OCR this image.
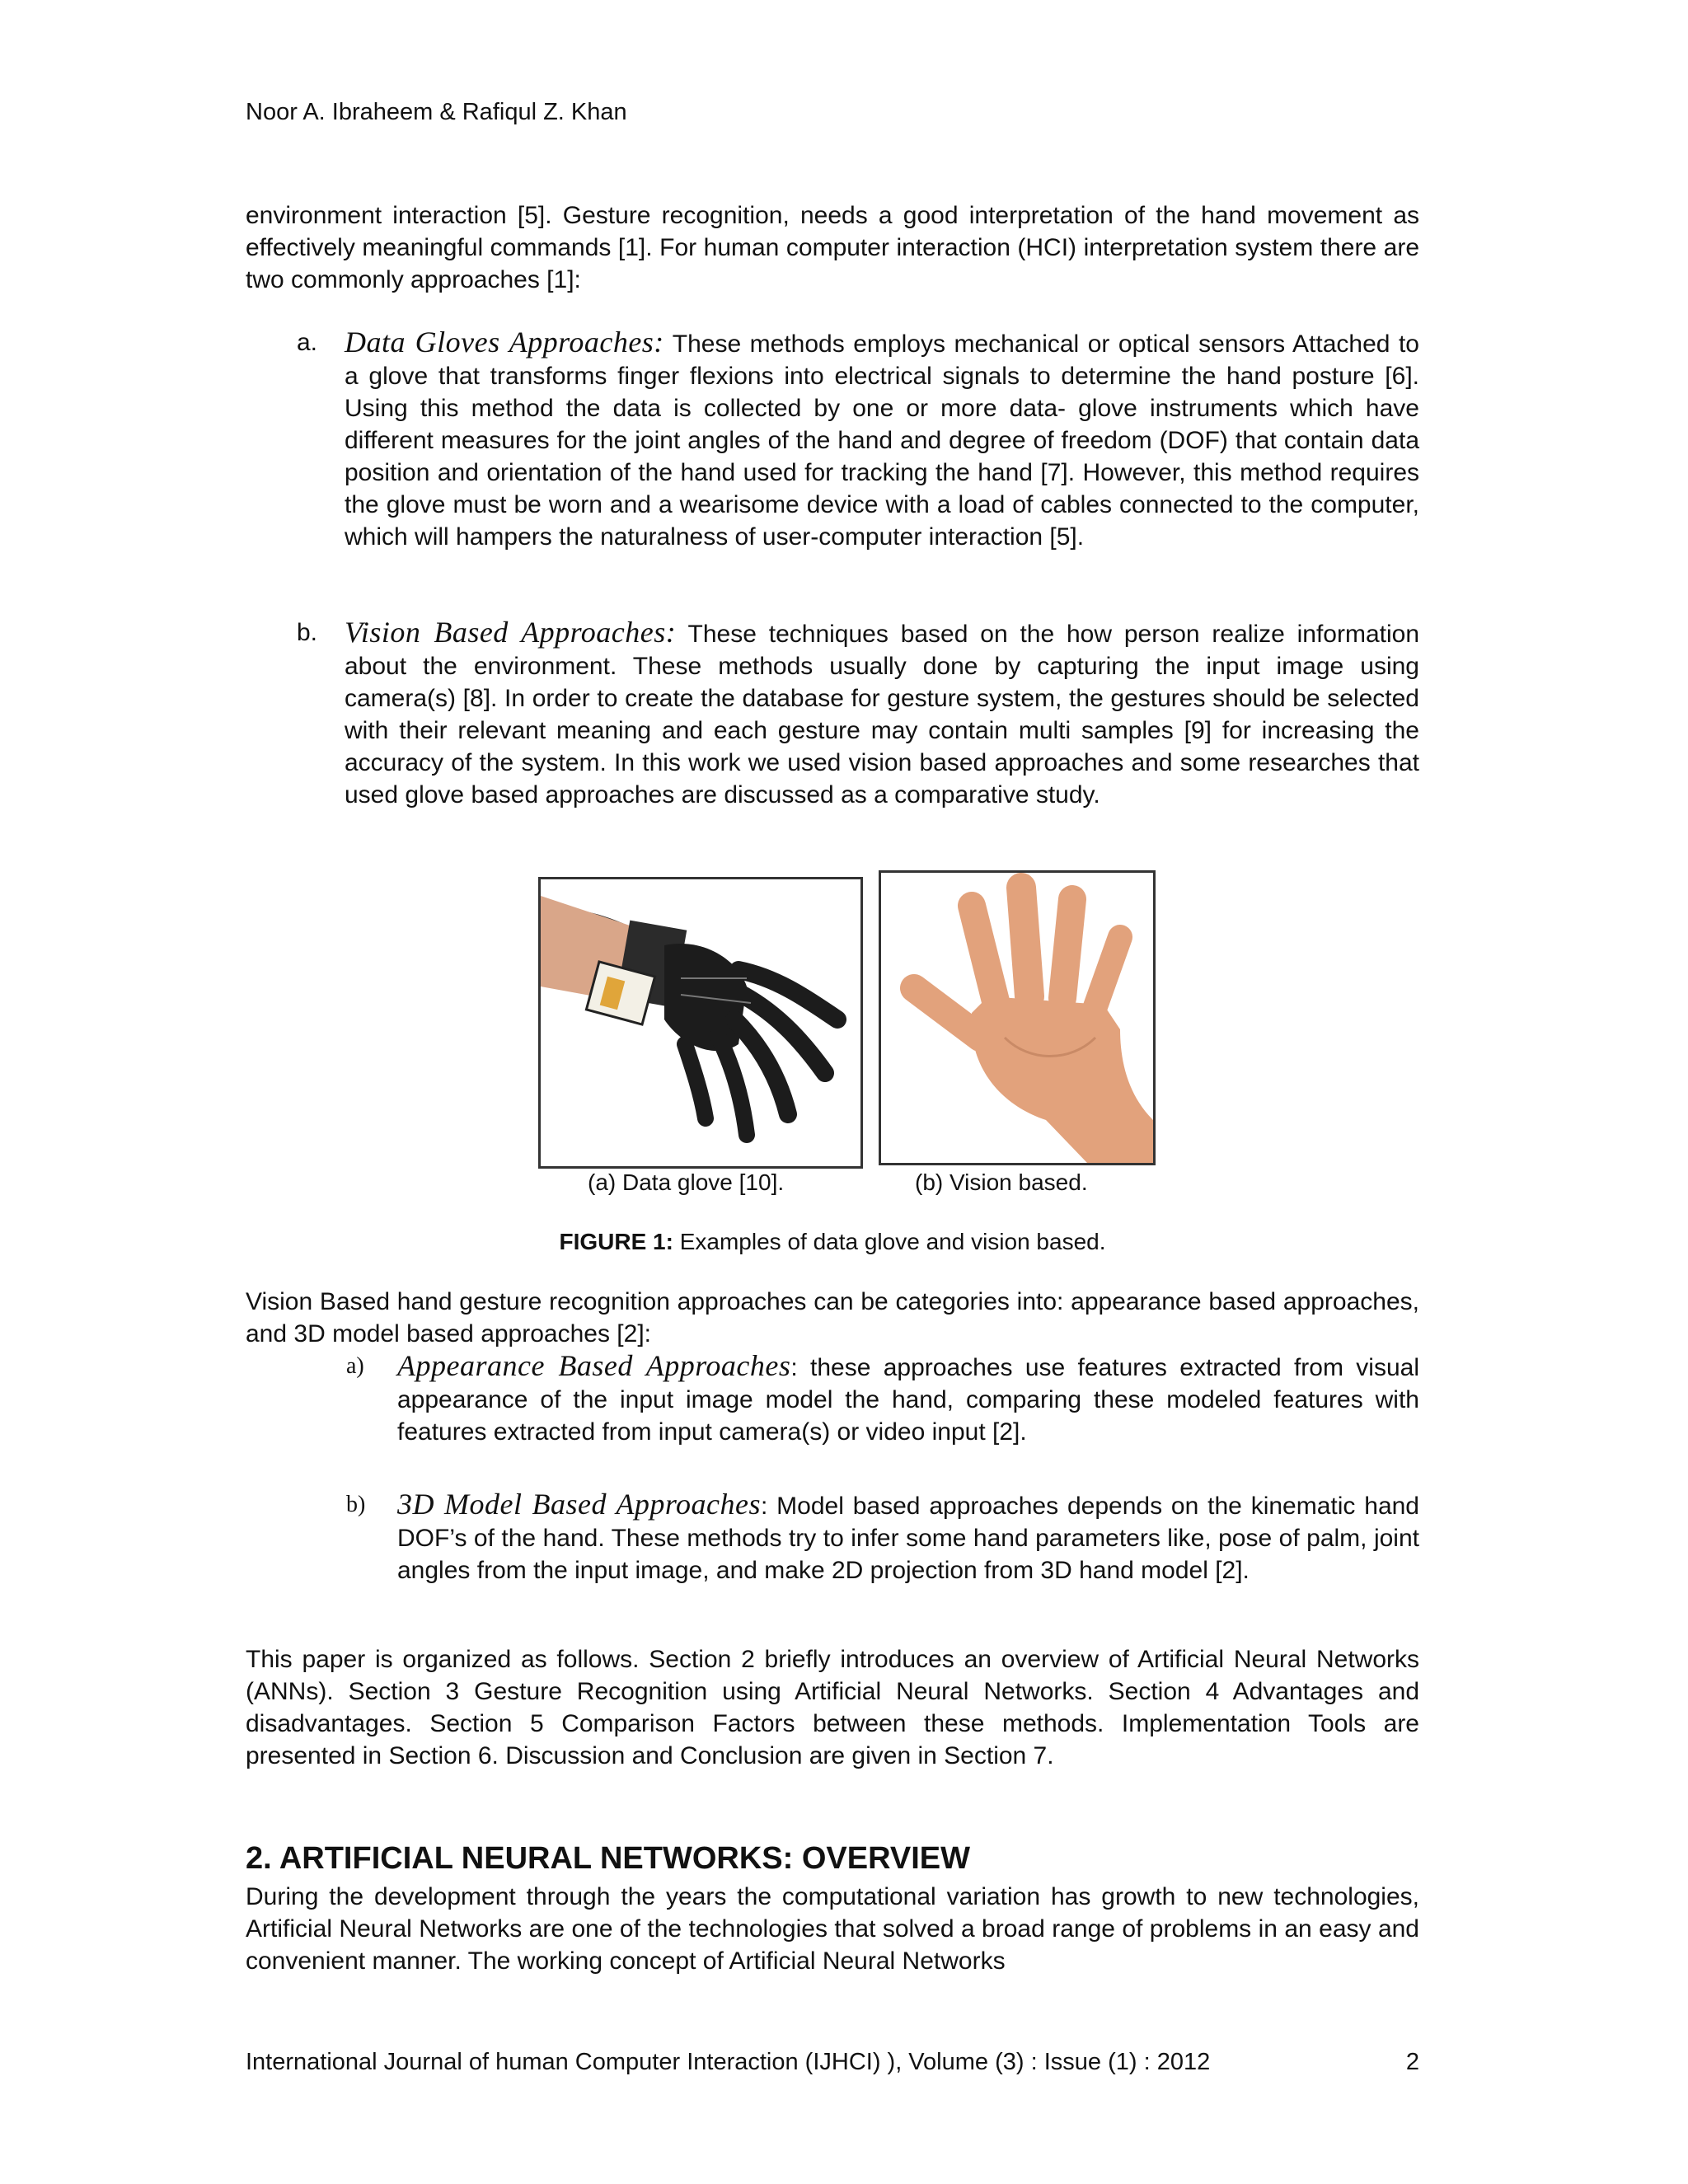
Noor A. Ibraheem & Rafiqul Z. Khan

environment interaction [5]. Gesture recognition, needs a good interpretation of the hand movement as effectively meaningful commands [1]. For human computer interaction (HCI) interpretation system there are two commonly approaches [1]:

a. Data Gloves Approaches: These methods employs mechanical or optical sensors Attached to a glove that transforms finger flexions into electrical signals to determine the hand posture [6]. Using this method the data is collected by one or more data- glove instruments which have different measures for the joint angles of the hand and degree of freedom (DOF) that contain data position and orientation of the hand used for tracking the hand [7]. However, this method requires the glove must be worn and a wearisome device with a load of cables connected to the computer, which will hampers the naturalness of user-computer interaction [5].

b. Vision Based Approaches: These techniques based on the how person realize information about the environment. These methods usually done by capturing the input image using camera(s) [8]. In order to create the database for gesture system, the gestures should be selected with their relevant meaning and each gesture may contain multi samples [9] for increasing the accuracy of the system. In this work we used vision based approaches and some researches that used glove based approaches are discussed as a comparative study.

(a) Data glove [10].	(b) Vision based.
FIGURE 1: Examples of data glove and vision based.

Vision Based hand gesture recognition approaches can be categories into: appearance based approaches, and 3D model based approaches [2]:

a) Appearance Based Approaches: these approaches use features extracted from visual appearance of the input image model the hand, comparing these modeled features with features extracted from input camera(s) or video input [2].

b) 3D Model Based Approaches: Model based approaches depends on the kinematic hand DOF’s of the hand. These methods try to infer some hand parameters like, pose of palm, joint angles from the input image, and make 2D projection from 3D hand model [2].

This paper is organized as follows. Section 2 briefly introduces an overview of Artificial Neural Networks (ANNs). Section 3 Gesture Recognition using Artificial Neural Networks. Section 4 Advantages and disadvantages. Section 5 Comparison Factors between these methods. Implementation Tools are presented in Section 6. Discussion and Conclusion are given in Section 7.

2. ARTIFICIAL NEURAL NETWORKS: OVERVIEW

During the development through the years the computational variation has growth to new technologies, Artificial Neural Networks are one of the technologies that solved a broad range of problems in an easy and convenient manner. The working concept of Artificial Neural Networks

International Journal of human Computer Interaction (IJHCI) ), Volume (3) : Issue (1) : 2012	2
